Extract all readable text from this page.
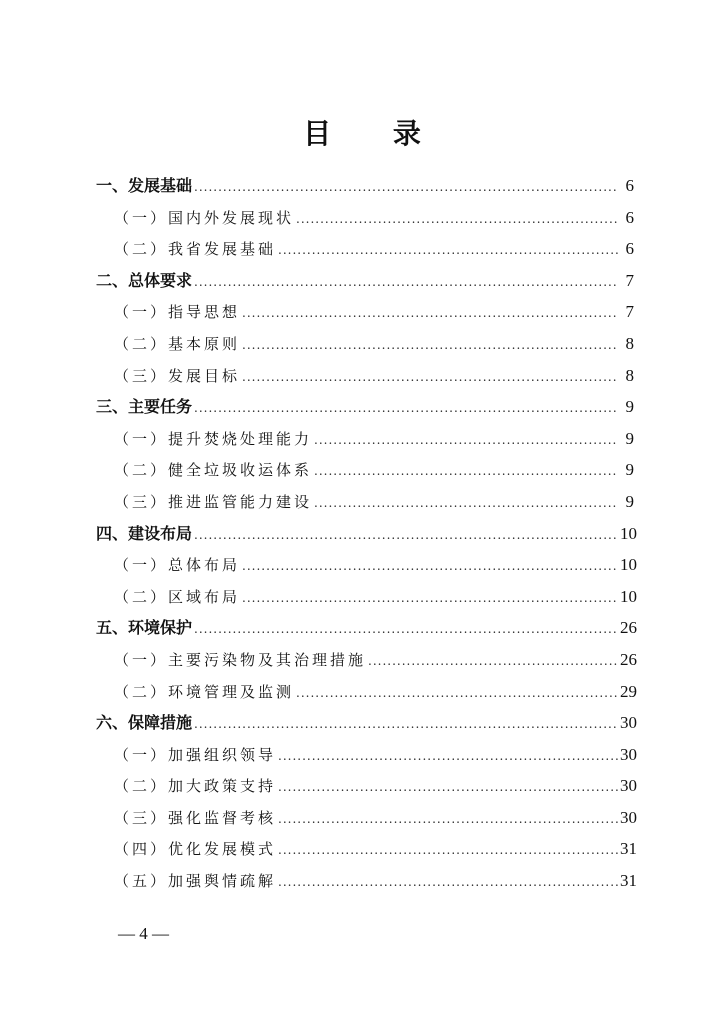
目 录
一、发展基础 .....	6
（一）国内外发展现状 .....	6
（二）我省发展基础 .....	6
二、总体要求 .....	7
（一）指导思想 .....	7
（二）基本原则 .....	8
（三）发展目标 .....	8
三、主要任务 .....	9
（一）提升焚烧处理能力 .....	9
（二）健全垃圾收运体系 .....	9
（三）推进监管能力建设 .....	9
四、建设布局 .....	10
（一）总体布局 .....	10
（二）区域布局 .....	10
五、环境保护 .....	26
（一）主要污染物及其治理措施 .....	26
（二）环境管理及监测 .....	29
六、保障措施 .....	30
（一）加强组织领导 .....	30
（二）加大政策支持 .....	30
（三）强化监督考核 .....	30
（四）优化发展模式 .....	31
（五）加强舆情疏解 .....	31
— 4 —
